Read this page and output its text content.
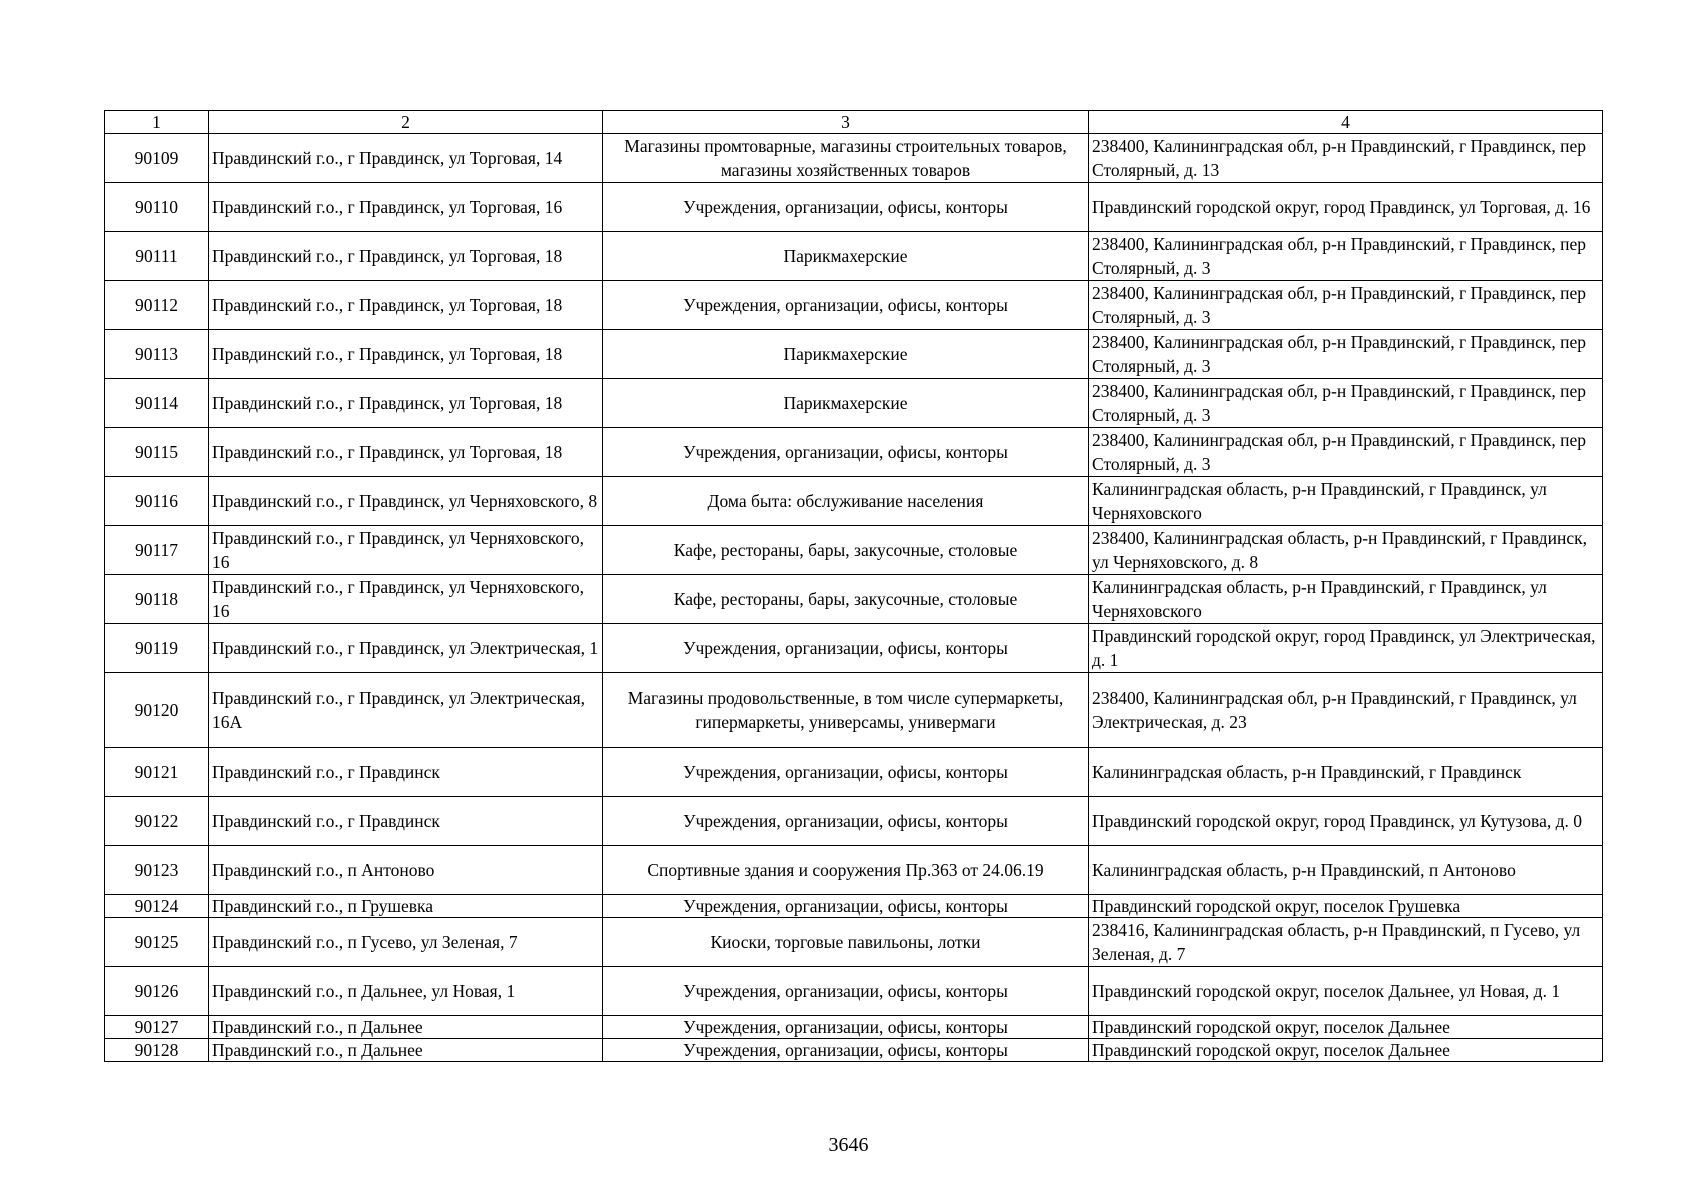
1	2	3	4
90109	Правдинский г.о., г Правдинск, ул Торговая, 14	Магазины промтоварные, магазины строительных товаров, магазины хозяйственных товаров	238400, Калининградская обл, р-н Правдинский, г Правдинск, пер Столярный, д. 13
90110	Правдинский г.о., г Правдинск, ул Торговая, 16	Учреждения, организации, офисы, конторы	Правдинский городской округ, город Правдинск, ул Торговая, д. 16
90111	Правдинский г.о., г Правдинск, ул Торговая, 18	Парикмахерские	238400, Калининградская обл, р-н Правдинский, г Правдинск, пер Столярный, д. 3
90112	Правдинский г.о., г Правдинск, ул Торговая, 18	Учреждения, организации, офисы, конторы	238400, Калининградская обл, р-н Правдинский, г Правдинск, пер Столярный, д. 3
90113	Правдинский г.о., г Правдинск, ул Торговая, 18	Парикмахерские	238400, Калининградская обл, р-н Правдинский, г Правдинск, пер Столярный, д. 3
90114	Правдинский г.о., г Правдинск, ул Торговая, 18	Парикмахерские	238400, Калининградская обл, р-н Правдинский, г Правдинск, пер Столярный, д. 3
90115	Правдинский г.о., г Правдинск, ул Торговая, 18	Учреждения, организации, офисы, конторы	238400, Калининградская обл, р-н Правдинский, г Правдинск, пер Столярный, д. 3
90116	Правдинский г.о., г Правдинск, ул Черняховского, 8	Дома быта: обслуживание населения	Калининградская область, р-н Правдинский, г Правдинск, ул Черняховского
90117	Правдинский г.о., г Правдинск, ул Черняховского, 16	Кафе, рестораны, бары, закусочные, столовые	238400, Калининградская область, р-н Правдинский, г Правдинск, ул Черняховского, д. 8
90118	Правдинский г.о., г Правдинск, ул Черняховского, 16	Кафе, рестораны, бары, закусочные, столовые	Калининградская область, р-н Правдинский, г Правдинск, ул Черняховского
90119	Правдинский г.о., г Правдинск, ул Электрическая, 1	Учреждения, организации, офисы, конторы	Правдинский городской округ, город Правдинск, ул Электрическая, д. 1
90120	Правдинский г.о., г Правдинск, ул Электрическая, 16А	Магазины продовольственные, в том числе супермаркеты, гипермаркеты, универсамы, универмаги	238400, Калининградская обл, р-н Правдинский, г Правдинск, ул Электрическая, д. 23
90121	Правдинский г.о., г Правдинск	Учреждения, организации, офисы, конторы	Калининградская область, р-н Правдинский, г Правдинск
90122	Правдинский г.о., г Правдинск	Учреждения, организации, офисы, конторы	Правдинский городской округ, город Правдинск, ул Кутузова, д. 0
90123	Правдинский г.о., п Антоново	Спортивные здания и сооружения Пр.363 от 24.06.19	Калининградская область, р-н Правдинский, п Антоново
90124	Правдинский г.о., п Грушевка	Учреждения, организации, офисы, конторы	Правдинский городской округ, поселок Грушевка
90125	Правдинский г.о., п Гусево, ул Зеленая, 7	Киоски, торговые павильоны, лотки	238416, Калининградская область, р-н Правдинский, п Гусево, ул Зеленая, д. 7
90126	Правдинский г.о., п Дальнее, ул Новая, 1	Учреждения, организации, офисы, конторы	Правдинский городской округ, поселок Дальнее, ул Новая, д. 1
90127	Правдинский г.о., п Дальнее	Учреждения, организации, офисы, конторы	Правдинский городской округ, поселок Дальнее
90128	Правдинский г.о., п Дальнее	Учреждения, организации, офисы, конторы	Правдинский городской округ, поселок Дальнее
3646
